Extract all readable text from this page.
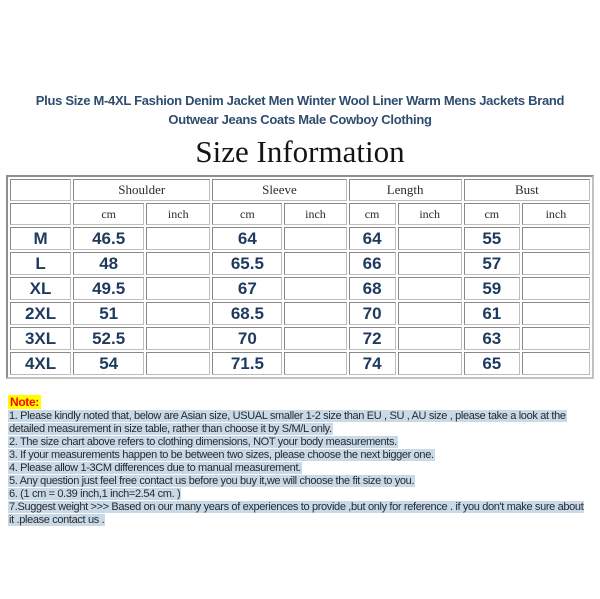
Plus Size M-4XL Fashion Denim Jacket Men Winter Wool Liner Warm Mens Jackets Brand
Outwear Jeans Coats Male Cowboy Clothing
Size Information
	Shoulder		Sleeve		Length		Bust	
	cm	inch	cm	inch	cm	inch	cm	inch
M	46.5		64		64		55	
L	48		65.5		66		57	
XL	49.5		67		68		59	
2XL	51		68.5		70		61	
3XL	52.5		70		72		63	
4XL	54		71.5		74		65	
Note:
1. Please kindly noted that, below are Asian size, USUAL smaller 1-2 size than EU , SU , AU size , please take a look at the
detailed measurement in size table, rather than choose it by S/M/L only.
2. The size chart above refers to clothing dimensions, NOT your body measurements.
3. If your measurements happen to be between two sizes, please choose the next bigger one.
4. Please allow 1-3CM differences due to manual measurement.
5. Any question just feel free contact us before you buy it,we will choose the fit size to you.
6. (1 cm = 0.39 inch,1 inch=2.54 cm. )
7.Suggest weight >>> Based on our many years of experiences to provide ,but only for reference . if you don't make sure about
it .please contact us .
